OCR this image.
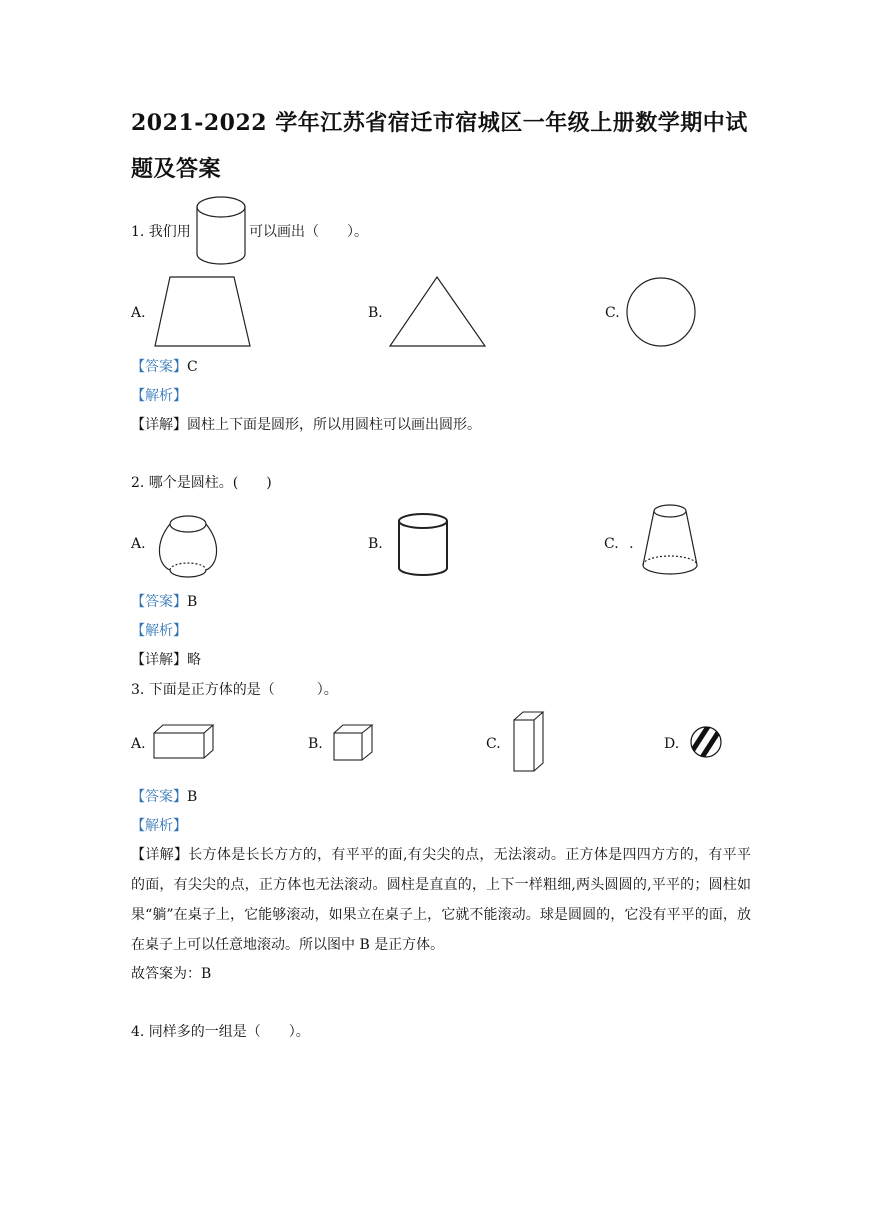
2021-2022 学年江苏省宿迁市宿城区一年级上册数学期中试
题及答案
1. 我们用	可以画出（　　）。
A.	B.	C.
【答案】C
【解析】
【详解】圆柱上下面是圆形，所以用圆柱可以画出圆形。
2. 哪个是圆柱。(　　)
A.	B.	C. .
【答案】B
【解析】
【详解】略
3. 下面是正方体的是（　　　）。
A.	B.	C.	D.
【答案】B
【解析】
【详解】长方体是长长方方的，有平平的面,有尖尖的点，无法滚动。正方体是四四方方的，有平平的面，有尖尖的点，正方体也无法滚动。圆柱是直直的，上下一样粗细,两头圆圆的,平平的；圆柱如果“躺”在桌子上，它能够滚动，如果立在桌子上，它就不能滚动。球是圆圆的，它没有平平的面，放在桌子上可以任意地滚动。所以图中 B 是正方体。
故答案为：B
4. 同样多的一组是（　　）。
